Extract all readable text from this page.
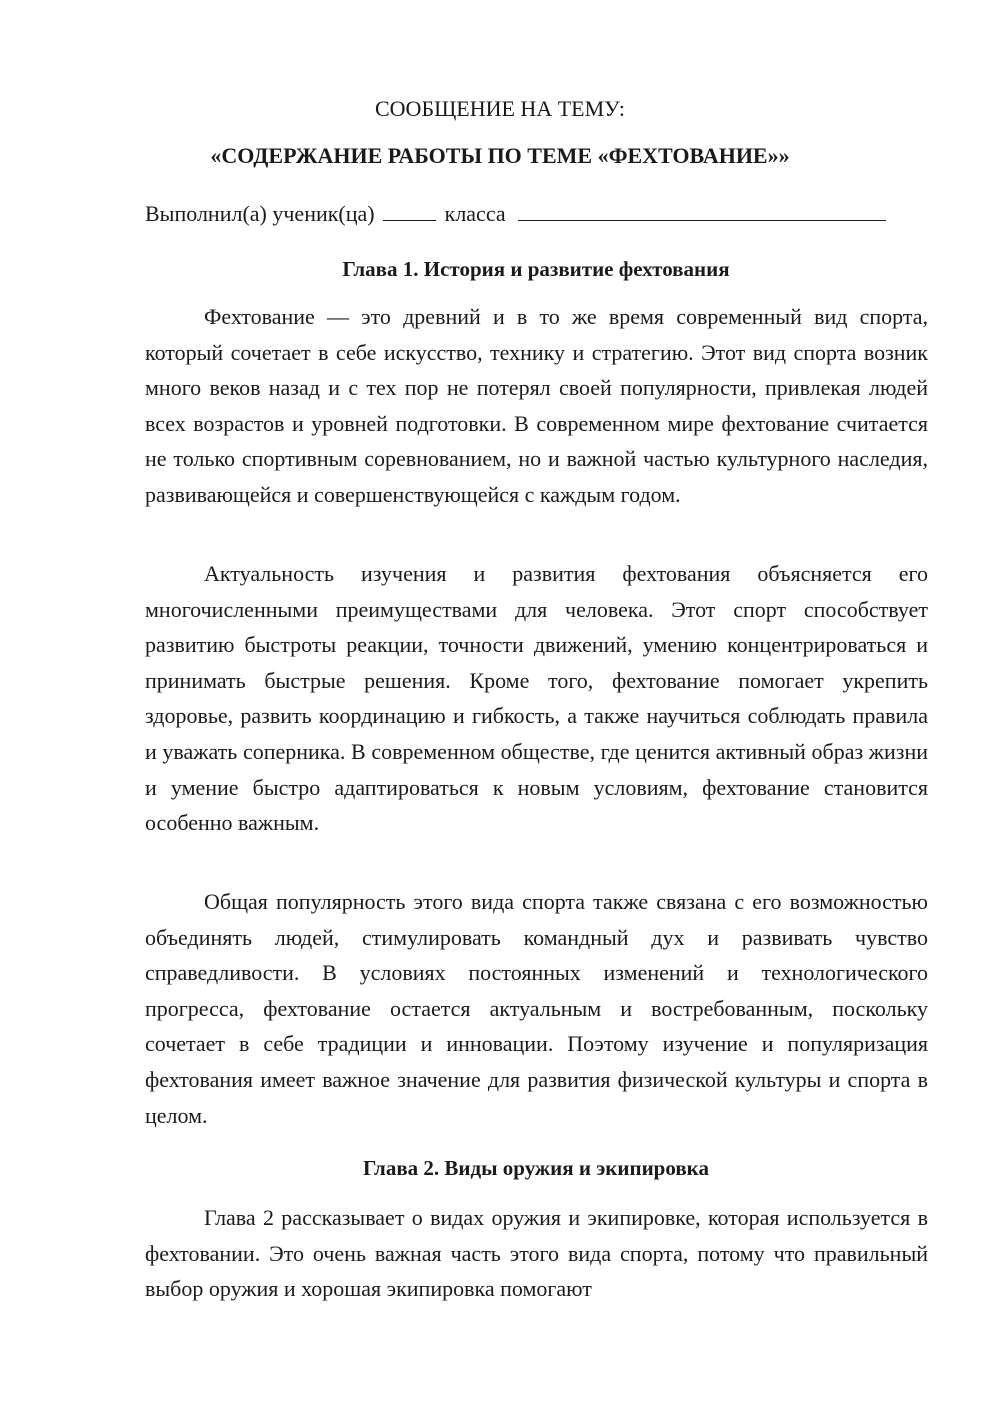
СООБЩЕНИЕ НА ТЕМУ:
«СОДЕРЖАНИЕ РАБОТЫ ПО ТЕМЕ «ФЕХТОВАНИЕ»»
Выполнил(а) ученик(ца)	класса
Глава 1. История и развитие фехтования

Фехтование — это древний и в то же время современный вид спорта, который сочетает в себе искусство, технику и стратегию. Этот вид спорта возник много веков назад и с тех пор не потерял своей популярности, привлекая людей всех возрастов и уровней подготовки. В современном мире фехтование считается не только спортивным соревнованием, но и важной частью культурного наследия, развивающейся и совершенствующейся с каждым годом.

Актуальность изучения и развития фехтования объясняется его многочисленными преимуществами для человека. Этот спорт способствует развитию быстроты реакции, точности движений, умению концентрироваться и принимать быстрые решения. Кроме того, фехтование помогает укрепить здоровье, развить координацию и гибкость, а также научиться соблюдать правила и уважать соперника. В современном обществе, где ценится активный образ жизни и умение быстро адаптироваться к новым условиям, фехтование становится особенно важным.

Общая популярность этого вида спорта также связана с его возможностью объединять людей, стимулировать командный дух и развивать чувство справедливости. В условиях постоянных изменений и технологического прогресса, фехтование остается актуальным и востребованным, поскольку сочетает в себе традиции и инновации. Поэтому изучение и популяризация фехтования имеет важное значение для развития физической культуры и спорта в целом.

Глава 2. Виды оружия и экипировка

Глава 2 рассказывает о видах оружия и экипировке, которая используется в фехтовании. Это очень важная часть этого вида спорта, потому что правильный выбор оружия и хорошая экипировка помогают
